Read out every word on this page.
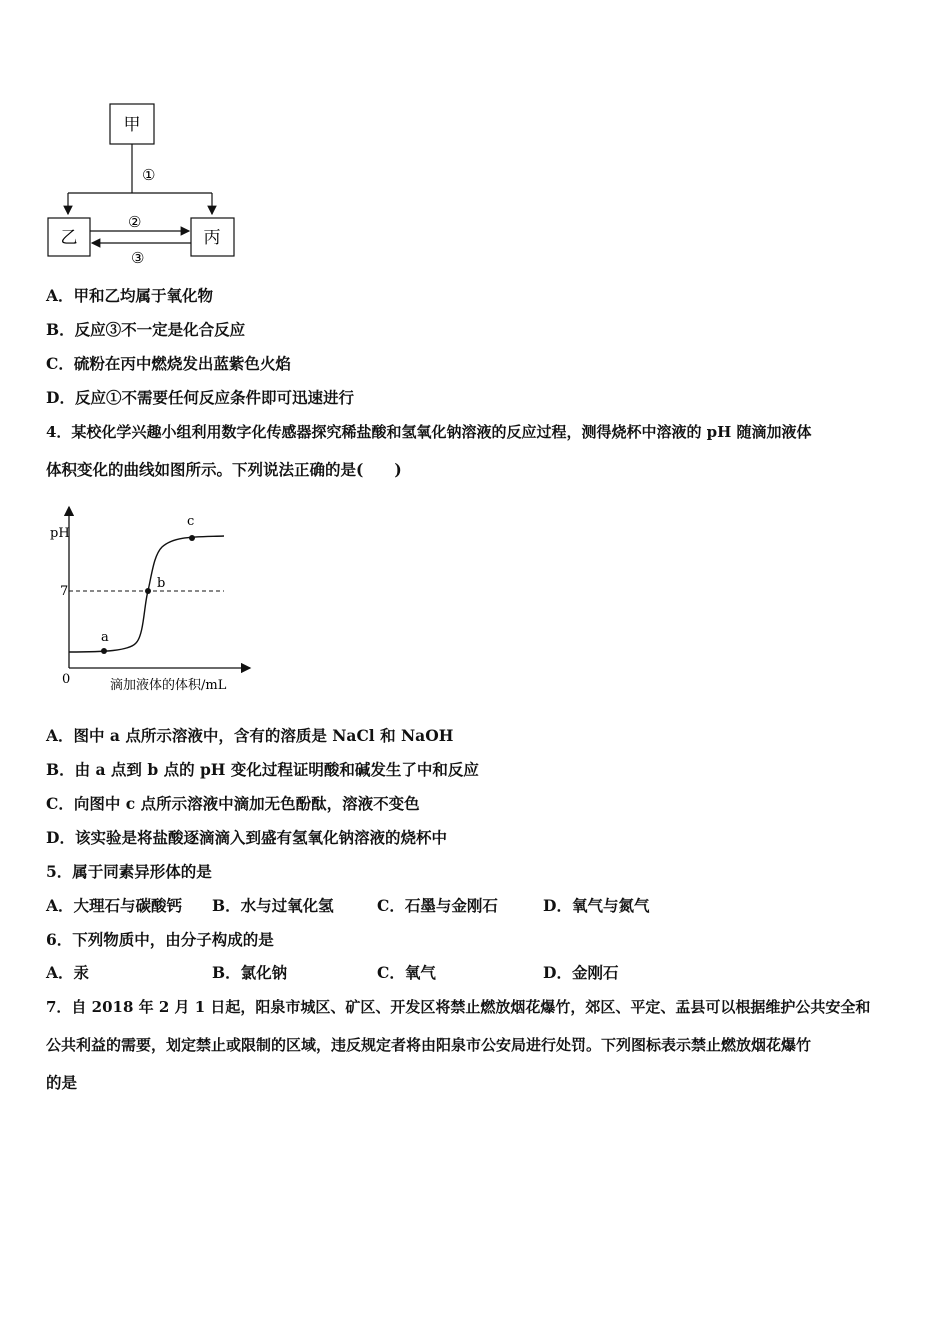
甲
①
乙	丙
②
③
A．甲和乙均属于氧化物
B．反应③不一定是化合反应
C．硫粉在丙中燃烧发出蓝紫色火焰
D．反应①不需要任何反应条件即可迅速进行
4．某校化学兴趣小组利用数字化传感器探究稀盐酸和氢氧化钠溶液的反应过程，测得烧杯中溶液的 pH 随滴加液体
体积变化的曲线如图所示。下列说法正确的是(　　)
pH
0
7
a
b
c
滴加液体的体积/mL
A．图中 a 点所示溶液中，含有的溶质是 NaCl 和 NaOH
B．由 a 点到 b 点的 pH 变化过程证明酸和碱发生了中和反应
C．向图中 c 点所示溶液中滴加无色酚酞，溶液不变色
D．该实验是将盐酸逐滴滴入到盛有氢氧化钠溶液的烧杯中
5．属于同素异形体的是
A．大理石与碳酸钙 B．水与过氧化氢	C．石墨与金刚石	D．氧气与氮气
6．下列物质中，由分子构成的是
A．汞	B．氯化钠	C．氧气	D．金刚石
7．自 2018 年 2 月 1 日起，阳泉市城区、矿区、开发区将禁止燃放烟花爆竹，郊区、平定、盂县可以根据维护公共安全和
公共利益的需要，划定禁止或限制的区域，违反规定者将由阳泉市公安局进行处罚。下列图标表示禁止燃放烟花爆竹
的是
